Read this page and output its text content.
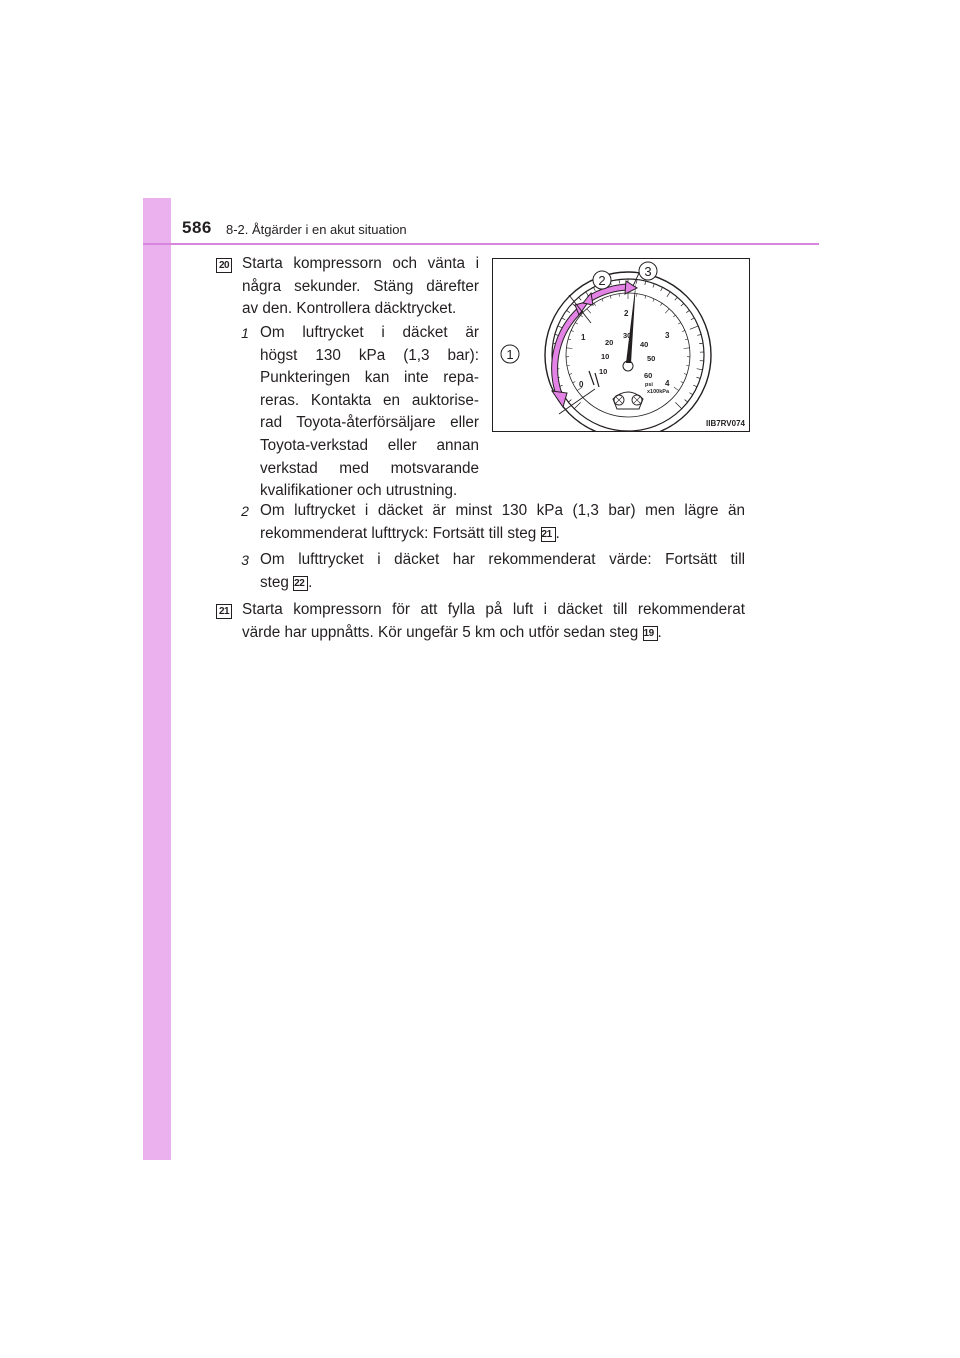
586 8-2. Åtgärder i en akut situation
20 Starta kompressorn och vänta i
några sekunder. Stäng därefter
av den. Kontrollera däcktrycket.
1 Om luftrycket i däcket är
högst 130 kPa (1,3 bar):
Punkteringen kan inte repa-
reras. Kontakta en auktorise-
rad Toyota-återförsäljare eller
Toyota-verkstad eller annan
verkstad med motsvarande
kvalifikationer och utrustning.
0
1
2
3
4
10
10
20
30
40
50
60
psi
x100kPa
1
2
3
IIB7RV074
2 Om luftrycket i däcket är minst 130 kPa (1,3 bar) men lägre än
rekommenderat lufttryck: Fortsätt till steg 21 .
3 Om lufttrycket i däcket har rekommenderat värde: Fortsätt till
steg 22 .
21 Starta kompressorn för att fylla på luft i däcket till rekommenderat
värde har uppnåtts. Kör ungefär 5 km och utför sedan steg 19 .
